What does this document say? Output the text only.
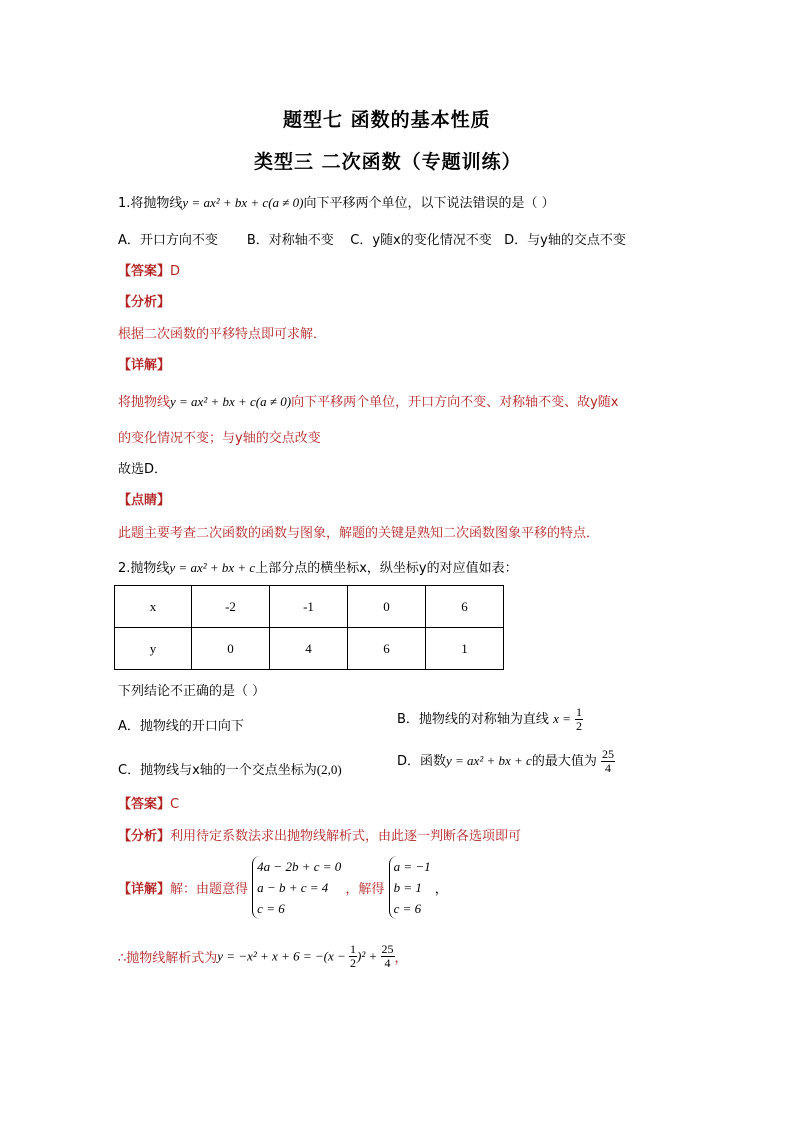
题型七 函数的基本性质
类型三 二次函数（专题训练）
1.将抛物线y = ax² + bx + c(a ≠ 0)向下平移两个单位，以下说法错误的是（ ）
A．开口方向不变       B．对称轴不变    C．y随x的变化情况不变   D．与y轴的交点不变
【答案】D
【分析】
根据二次函数的平移特点即可求解．
【详解】
将抛物线y = ax² + bx + c(a ≠ 0)向下平移两个单位，开口方向不变、对称轴不变、故y随x
的变化情况不变；与y轴的交点改变
故选D．
【点睛】
此题主要考查二次函数的函数与图象，解题的关键是熟知二次函数图象平移的特点．
2.抛物线y = ax² + bx + c上部分点的横坐标x，纵坐标y的对应值如表：
x	-2	-1	0	6
y	0	4	6	1
下列结论不正确的是（ ）
A．抛物线的开口向下	B．抛物线的对称轴为直线 $x = \frac{1}{2}$
C．抛物线与x轴的一个交点坐标为(2,0)
D．函数y = ax² + bx + c的最大值为 $\frac{25}{4}$
【答案】C
【分析】利用待定系数法求出抛物线解析式，由此逐一判断各选项即可
【详解】解：由题意得
4a − 2b + c = 0
a − b + c = 4
c = 6
，解得
a = −1
b = 1
c = 6
，
∴抛物线解析式为$y = -x^2 + x + 6 = -(x - \frac{1}{2} )^2 + \frac{25}{4}$ ，
